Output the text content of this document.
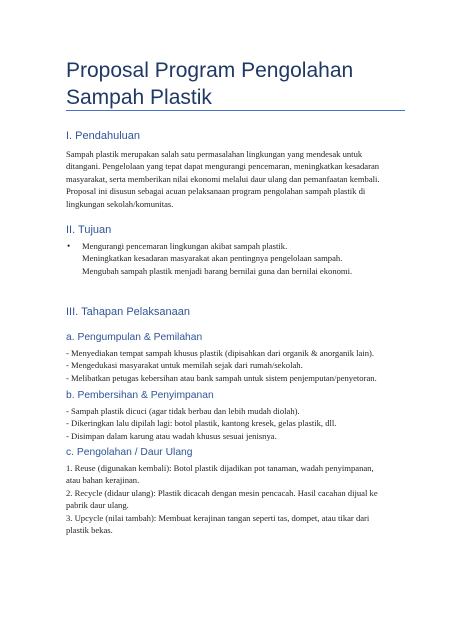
Proposal Program Pengolahan Sampah Plastik
I. Pendahuluan
Sampah plastik merupakan salah satu permasalahan lingkungan yang mendesak untuk
ditangani. Pengelolaan yang tepat dapat mengurangi pencemaran, meningkatkan kesadaran
masyarakat, serta memberikan nilai ekonomi melalui daur ulang dan pemanfaatan kembali.
Proposal ini disusun sebagai acuan pelaksanaan program pengolahan sampah plastik di
lingkungan sekolah/komunitas.
II. Tujuan
• Mengurangi pencemaran lingkungan akibat sampah plastik.
Meningkatkan kesadaran masyarakat akan pentingnya pengelolaan sampah.
Mengubah sampah plastik menjadi barang bernilai guna dan bernilai ekonomi.
III. Tahapan Pelaksanaan
a. Pengumpulan & Pemilahan
- Menyediakan tempat sampah khusus plastik (dipisahkan dari organik & anorganik lain).
- Mengedukasi masyarakat untuk memilah sejak dari rumah/sekolah.
- Melibatkan petugas kebersihan atau bank sampah untuk sistem penjemputan/penyetoran.
b. Pembersihan & Penyimpanan
- Sampah plastik dicuci (agar tidak berbau dan lebih mudah diolah).
- Dikeringkan lalu dipilah lagi: botol plastik, kantong kresek, gelas plastik, dll.
- Disimpan dalam karung atau wadah khusus sesuai jenisnya.
c. Pengolahan / Daur Ulang
1. Reuse (digunakan kembali): Botol plastik dijadikan pot tanaman, wadah penyimpanan,
atau bahan kerajinan.
2. Recycle (didaur ulang): Plastik dicacah dengan mesin pencacah. Hasil cacahan dijual ke
pabrik daur ulang.
3. Upcycle (nilai tambah): Membuat kerajinan tangan seperti tas, dompet, atau tikar dari
plastik bekas.
